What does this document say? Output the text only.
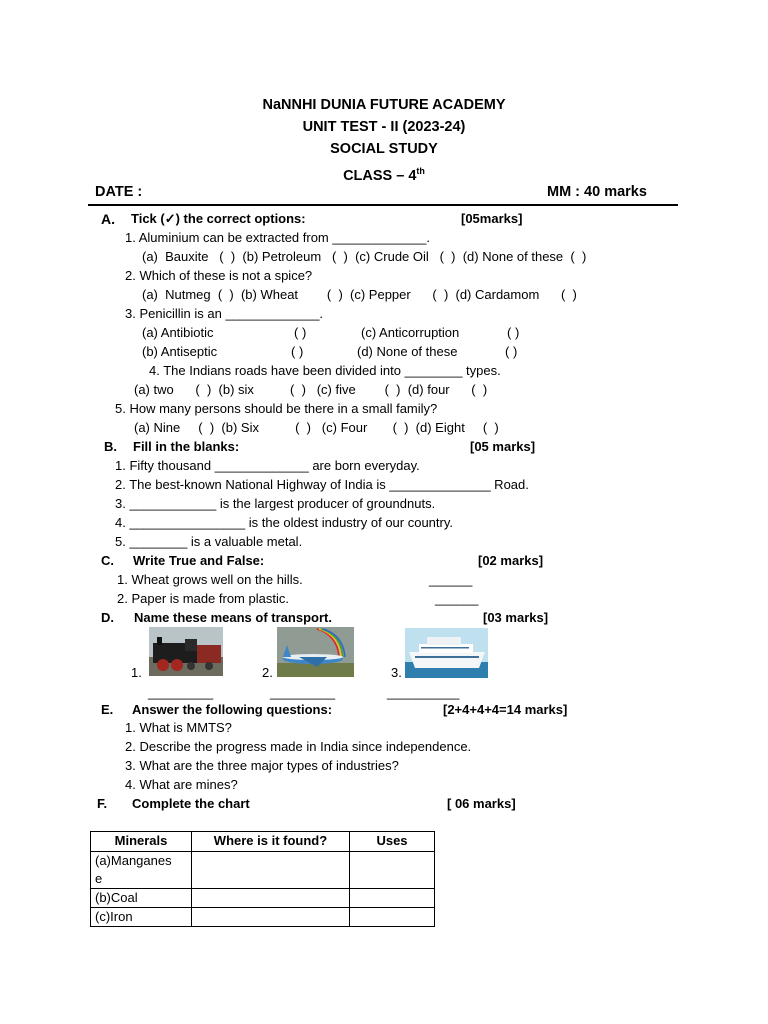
NaNNHI DUNIA FUTURE ACADEMY
UNIT TEST - II (2023-24)
SOCIAL STUDY
CLASS – 4th
DATE :	MM : 40 marks
A. Tick (✓) the correct options:	[05marks]
1. Aluminium can be extracted from _____________.
(a)  Bauxite   (  )  (b) Petroleum   (  )  (c) Crude Oil   (  )  (d) None of these  (  )
2. Which of these is not a spice?
(a)  Nutmeg  (  )  (b) Wheat        (  )  (c) Pepper      (  )  (d) Cardamom      (  )
3. Penicillin is an _____________.
(a) Antibiotic	( )	(c) Anticorruption	( )
(b) Antiseptic	( )	(d) None of these	( )
4. The Indians roads have been divided into ________ types.
(a) two      (  )  (b) six          (  )   (c) five        (  )  (d) four      (  )
5. How many persons should be there in a small family?
(a) Nine     (  )  (b) Six          (  )   (c) Four       (  )  (d) Eight     (  )
B. Fill in the blanks:	[05 marks]
1. Fifty thousand _____________ are born everyday.
2. The best-known National Highway of India is ______________ Road.
3. ____________ is the largest producer of groundnuts.
4. ________________ is the oldest industry of our country.
5. ________ is a valuable metal.
C. Write True and False:	[02 marks]
1. Wheat grows well on the hills.	______
2. Paper is made from plastic.	______
D. Name these means of transport.	[03 marks]
1.	2.	3.
_________	_________	__________
E. Answer the following questions:	[2+4+4+4=14 marks]
1. What is MMTS?
2. Describe the progress made in India since independence.
3. What are the three major types of industries?
4. What are mines?
F. Complete the chart	[ 06 marks]
Minerals	Where is it found?	Uses
(a)Manganes
e		
(b)Coal		
(c)Iron		
